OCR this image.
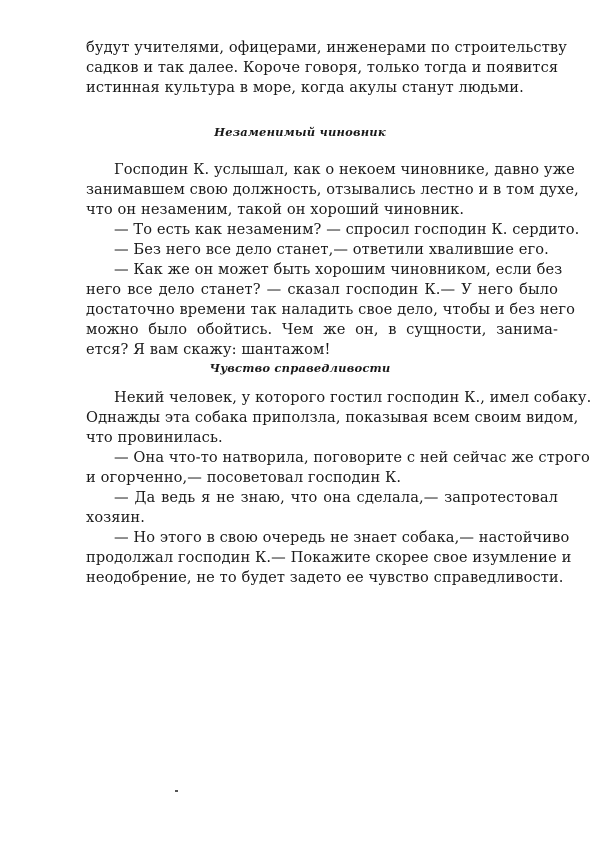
будут учителями, офицерами, инженерами по строительству
садков и так далее. Короче говоря, только тогда и появится
истинная культура в море, когда акулы станут людьми.
Незаменимый чиновник
Господин К. услышал, как о некоем чиновнике, давно уже
занимавшем свою должность, отзывались лестно и в том духе,
что он незаменим, такой он хороший чиновник.
— То есть как незаменим? — спросил господин К. сердито.
— Без него все дело станет,— ответили хвалившие его.
— Как же он может быть хорошим чиновником, если без
него все дело станет? — сказал господин К.— У него было
достаточно времени так наладить свое дело, чтобы и без него
можно было обойтись. Чем же он, в сущности, занима-
ется? Я вам скажу: шантажом!
Чувство справедливости
Некий человек, у которого гостил господин К., имел собаку.
Однажды эта собака приползла, показывая всем своим видом,
что провинилась.
— Она что-то натворила, поговорите с ней сейчас же строго
и огорченно,— посоветовал господин К.
— Да ведь я не знаю, что она сделала,— запротестовал
хозяин.
— Но этого в свою очередь не знает собака,— настойчиво
продолжал господин К.— Покажите скорее свое изумление и
неодобрение, не то будет задето ее чувство справедливости.
